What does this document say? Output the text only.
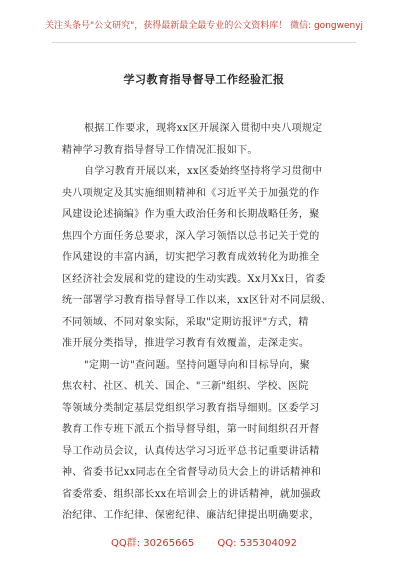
关注头条号"公文研究"，获得最新最全最专业的公文资料库！ 微信: gongwenyj
学习教育指导督导工作经验汇报
根据工作要求，现将xx区开展深入贯彻中央八项规定
精神学习教育指导督导工作情况汇报如下。
自学习教育开展以来，xx区委始终坚持将学习贯彻中
央八项规定及其实施细则精神和《习近平关于加强党的作
风建设论述摘编》作为重大政治任务和长期战略任务，聚
焦四个方面任务总要求，深入学习领悟以总书记关于党的
作风建设的丰富内涵，切实把学习教育成效转化为助推全
区经济社会发展和党的建设的生动实践。Xx月Xx日，省委
统一部署学习教育指导督导工作以来，xx区针对不同层级、
不同领域、不同对象实际，采取"定期访报评"方式，精
准开展分类指导，推进学习教育有效覆盖，走深走实。
"定期一访"查问题。坚持问题导向和目标导向，聚
焦农村、社区、机关、国企、"三新"组织、学校、医院
等领域分类制定基层党组织学习教育指导细则。区委学习
教育工作专班下派五个指导督导组，第一时间组织召开督
导工作动员会议，认真传达学习习近平总书记重要讲话精
神、省委书记xx同志在全省督导动员大会上的讲话精神和
省委常委、组织部长xx在培训会上的讲话精神，就加强政
治纪律、工作纪律、保密纪律、廉洁纪律提出明确要求，
QQ群: 30265665 QQ: 535304092
